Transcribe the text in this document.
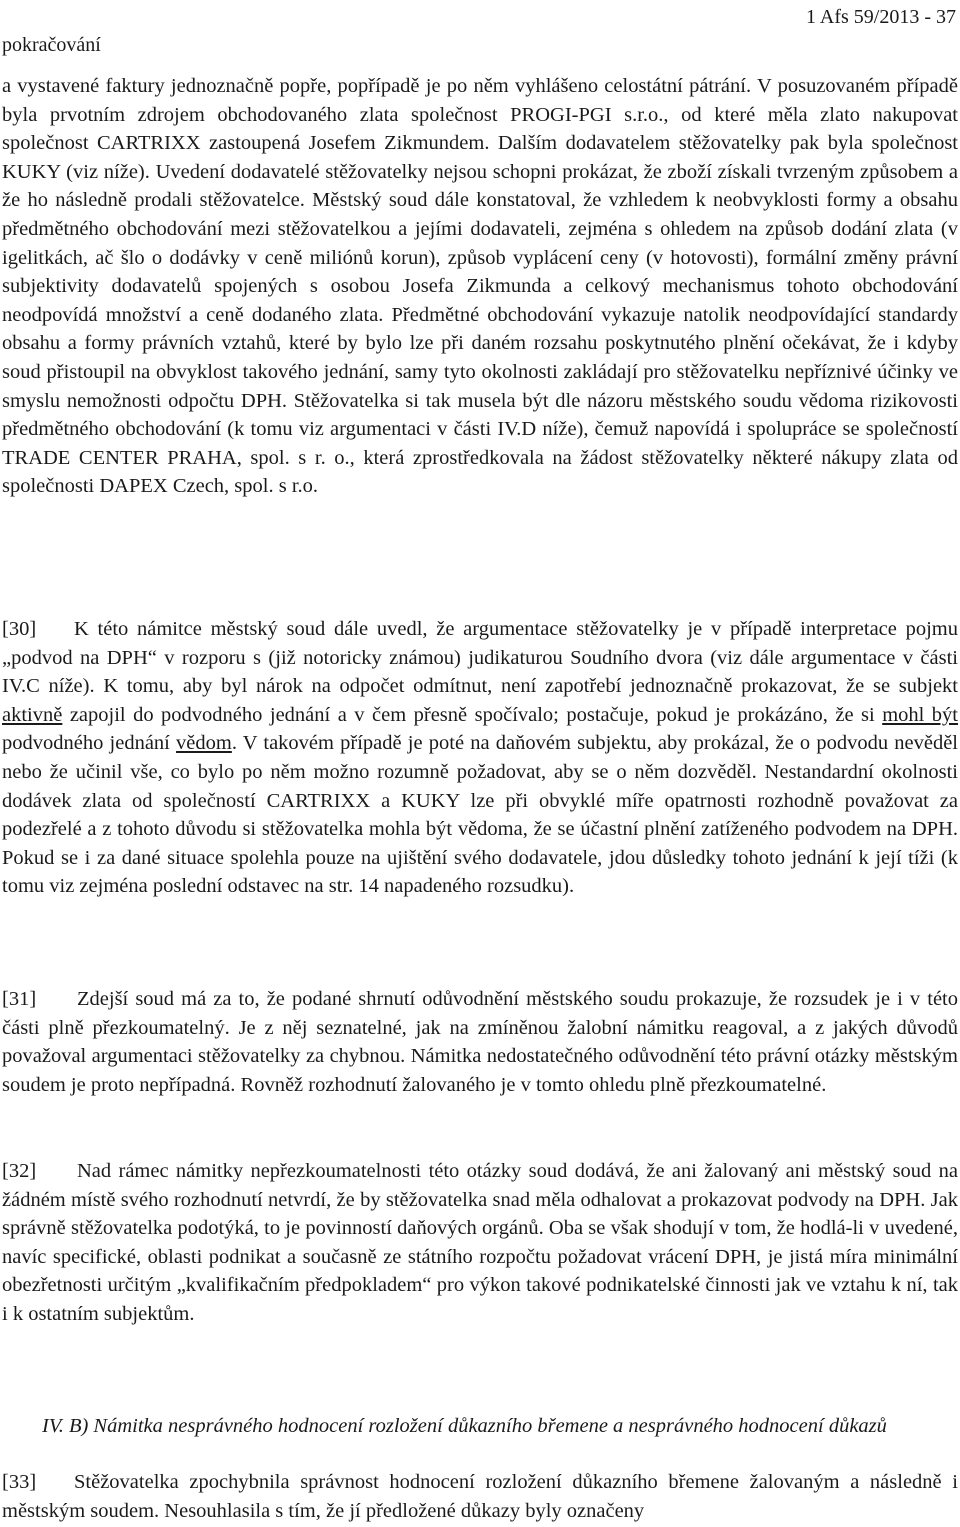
pokračování
1 Afs 59/2013 - 37

a vystavené faktury jednoznačně popře, popřípadě je po něm vyhlášeno celostátní pátrání. V posuzovaném případě byla prvotním zdrojem obchodovaného zlata společnost PROGI-PGI s.r.o., od které měla zlato nakupovat společnost CARTRIXX zastoupená Josefem Zikmundem. Dalším dodavatelem stěžovatelky pak byla společnost KUKY (viz níže). Uvedení dodavatelé stěžovatelky nejsou schopni prokázat, že zboží získali tvrzeným způsobem a že ho následně prodali stěžovatelce. Městský soud dále konstatoval, že vzhledem k neobvyklosti formy a obsahu předmětného obchodování mezi stěžovatelkou a jejími dodavateli, zejména s ohledem na způsob dodání zlata (v igelitkách, ač šlo o dodávky v ceně miliónů korun), způsob vyplácení ceny (v hotovosti), formální změny právní subjektivity dodavatelů spojených s osobou Josefa Zikmunda a celkový mechanismus tohoto obchodování neodpovídá množství a ceně dodaného zlata. Předmětné obchodování vykazuje natolik neodpovídající standardy obsahu a formy právních vztahů, které by bylo lze při daném rozsahu poskytnutého plnění očekávat, že i kdyby soud přistoupil na obvyklost takového jednání, samy tyto okolnosti zakládají pro stěžovatelku nepříznivé účinky ve smyslu nemožnosti odpočtu DPH. Stěžovatelka si tak musela být dle názoru městského soudu vědoma rizikovosti předmětného obchodování (k tomu viz argumentaci v části IV.D níže), čemuž napovídá i spolupráce se společností TRADE CENTER PRAHA, spol. s r. o., která zprostředkovala na žádost stěžovatelky některé nákupy zlata od společnosti DAPEX Czech, spol. s r.o.

[30] K této námitce městský soud dále uvedl, že argumentace stěžovatelky je v případě interpretace pojmu „podvod na DPH“ v rozporu s (již notoricky známou) judikaturou Soudního dvora (viz dále argumentace v části IV.C níže). K tomu, aby byl nárok na odpočet odmítnut, není zapotřebí jednoznačně prokazovat, že se subjekt aktivně zapojil do podvodného jednání a v čem přesně spočívalo; postačuje, pokud je prokázáno, že si mohl být podvodného jednání vědom. V takovém případě je poté na daňovém subjektu, aby prokázal, že o podvodu nevěděl nebo že učinil vše, co bylo po něm možno rozumně požadovat, aby se o něm dozvěděl. Nestandardní okolnosti dodávek zlata od společností CARTRIXX a KUKY lze při obvyklé míře opatrnosti rozhodně považovat za podezřelé a z tohoto důvodu si stěžovatelka mohla být vědoma, že se účastní plnění zatíženého podvodem na DPH. Pokud se i za dané situace spolehla pouze na ujištění svého dodavatele, jdou důsledky tohoto jednání k její tíži (k tomu viz zejména poslední odstavec na str. 14 napadeného rozsudku).

[31] Zdejší soud má za to, že podané shrnutí odůvodnění městského soudu prokazuje, že rozsudek je i v této části plně přezkoumatelný. Je z něj seznatelné, jak na zmíněnou žalobní námitku reagoval, a z jakých důvodů považoval argumentaci stěžovatelky za chybnou. Námitka nedostatečného odůvodnění této právní otázky městským soudem je proto nepřípadná. Rovněž rozhodnutí žalovaného je v tomto ohledu plně přezkoumatelné.

[32] Nad rámec námitky nepřezkoumatelnosti této otázky soud dodává, že ani žalovaný ani městský soud na žádném místě svého rozhodnutí netvrdí, že by stěžovatelka snad měla odhalovat a prokazovat podvody na DPH. Jak správně stěžovatelka podotýká, to je povinností daňových orgánů. Oba se však shodují v tom, že hodlá-li v uvedené, navíc specifické, oblasti podnikat a současně ze státního rozpočtu požadovat vrácení DPH, je jistá míra minimální obezřetnosti určitým „kvalifikačním předpokladem“ pro výkon takové podnikatelské činnosti jak ve vztahu k ní, tak i k ostatním subjektům.

IV. B) Námitka nesprávného hodnocení rozložení důkazního břemene a nesprávného hodnocení důkazů

[33] Stěžovatelka zpochybnila správnost hodnocení rozložení důkazního břemene žalovaným a následně i městským soudem. Nesouhlasila s tím, že jí předložené důkazy byly označeny
